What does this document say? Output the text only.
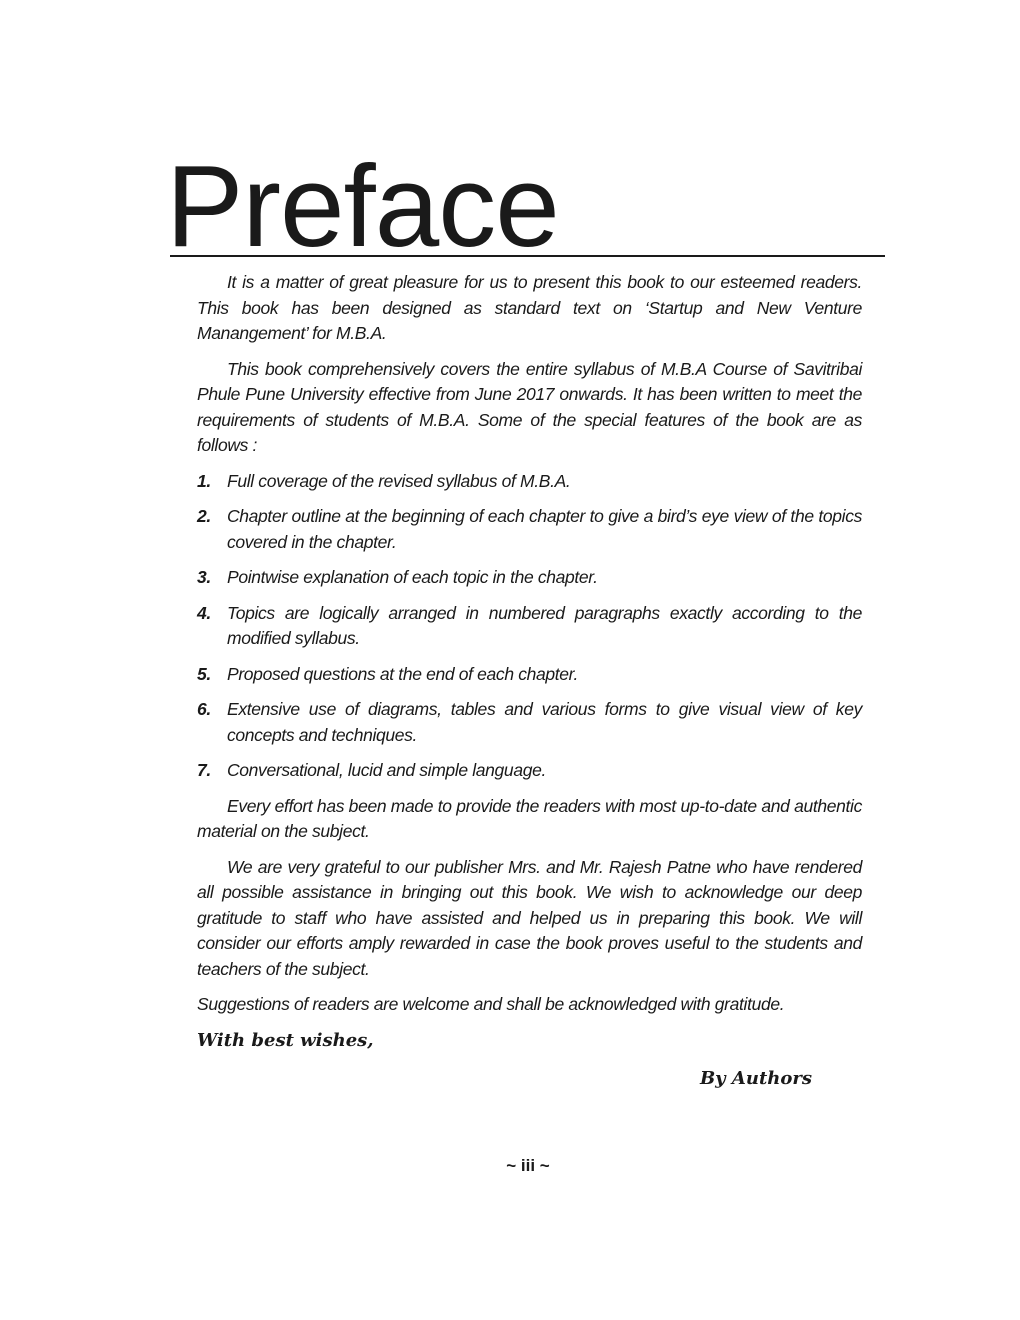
Preface

It is a matter of great pleasure for us to present this book to our esteemed readers. This book has been designed as standard text on ‘Startup and New Venture Manangement’ for M.B.A.

This book comprehensively covers the entire syllabus of M.B.A Course of Savitribai Phule Pune University effective from June 2017 onwards. It has been written to meet the requirements of students of M.B.A. Some of the special features of the book are as follows :

1. Full coverage of the revised syllabus of M.B.A.
2. Chapter outline at the beginning of each chapter to give a bird’s eye view of the topics covered in the chapter.
3. Pointwise explanation of each topic in the chapter.
4. Topics are logically arranged in numbered paragraphs exactly according to the modified syllabus.
5. Proposed questions at the end of each chapter.
6. Extensive use of diagrams, tables and various forms to give visual view of key concepts and techniques.
7. Conversational, lucid and simple language.

Every effort has been made to provide the readers with most up-to-date and authentic material on the subject.

We are very grateful to our publisher Mrs. and Mr. Rajesh Patne who have rendered all possible assistance in bringing out this book. We wish to acknowledge our deep gratitude to staff who have assisted and helped us in preparing this book. We will consider our efforts amply rewarded in case the book proves useful to the students and teachers of the subject.

Suggestions of readers are welcome and shall be acknowledged with gratitude.

With best wishes,

By Authors

~ iii ~
